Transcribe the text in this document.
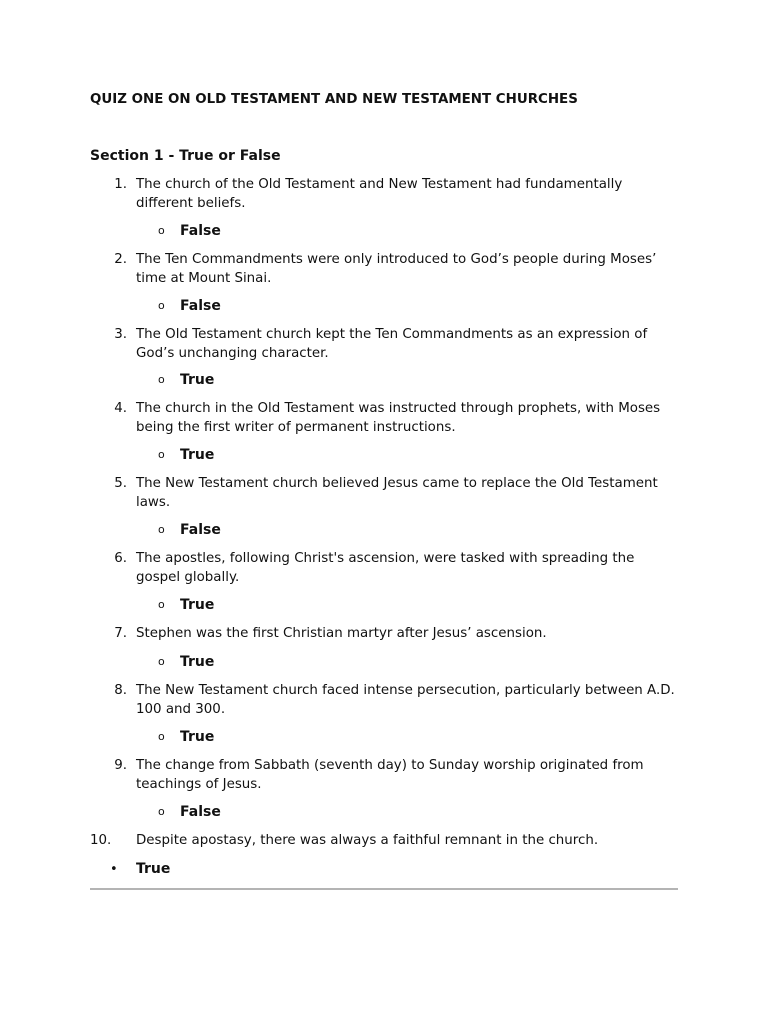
QUIZ ONE ON OLD TESTAMENT AND NEW TESTAMENT CHURCHES
Section 1 - True or False
1. The church of the Old Testament and New Testament had fundamentally different beliefs.
o False
2. The Ten Commandments were only introduced to God’s people during Moses’ time at Mount Sinai.
o False
3. The Old Testament church kept the Ten Commandments as an expression of God’s unchanging character.
o True
4. The church in the Old Testament was instructed through prophets, with Moses being the first writer of permanent instructions.
o True
5. The New Testament church believed Jesus came to replace the Old Testament laws.
o False
6. The apostles, following Christ's ascension, were tasked with spreading the gospel globally.
o True
7. Stephen was the first Christian martyr after Jesus’ ascension.
o True
8. The New Testament church faced intense persecution, particularly between A.D. 100 and 300.
o True
9. The change from Sabbath (seventh day) to Sunday worship originated from teachings of Jesus.
o False
10.	Despite apostasy, there was always a faithful remnant in the church.
• True
